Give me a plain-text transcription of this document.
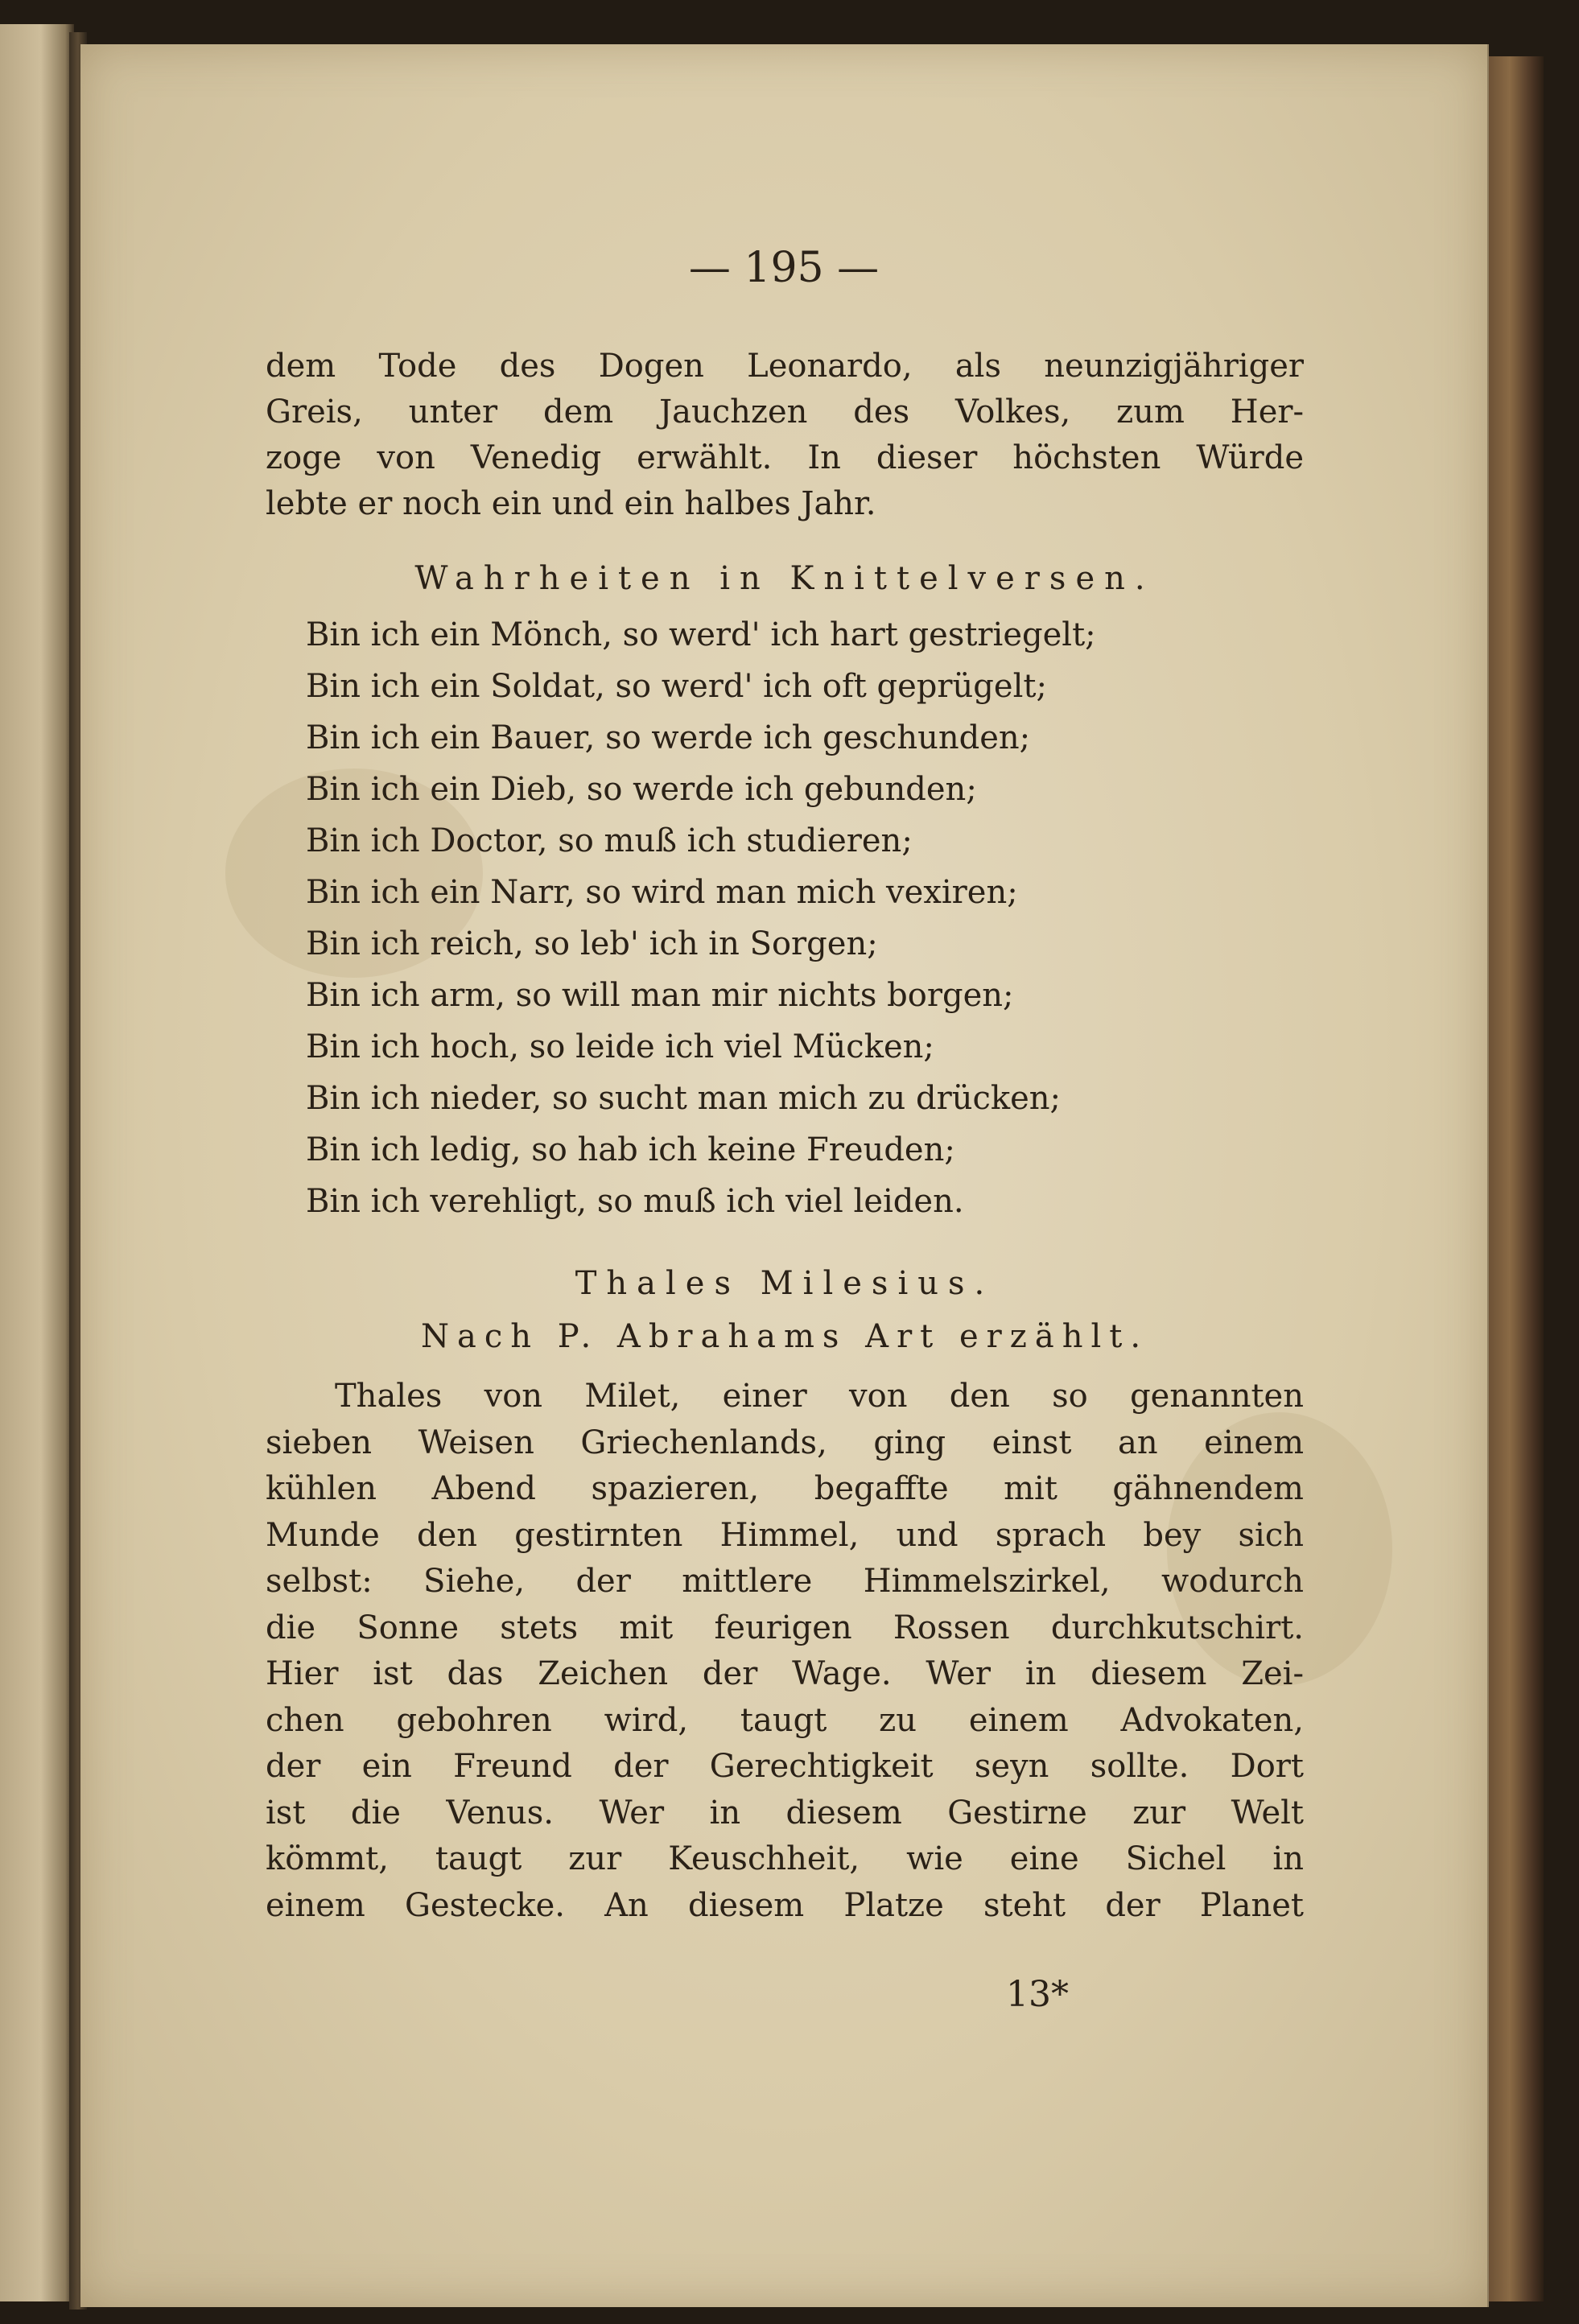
— 195 —

dem Tode des Dogen Leonardo, als neunzigjähriger

Greis, unter dem Jauchzen des Volkes, zum Her-

zoge von Venedig erwählt. In dieser höchsten Würde

lebte er noch ein und ein halbes Jahr.

Wahrheiten in Knittelversen.

Bin ich ein Mönch, so werd' ich hart gestriegelt;
Bin ich ein Soldat, so werd' ich oft geprügelt;
Bin ich ein Bauer, so werde ich geschunden;
Bin ich ein Dieb, so werde ich gebunden;
Bin ich Doctor, so muß ich studieren;
Bin ich ein Narr, so wird man mich vexiren;
Bin ich reich, so leb' ich in Sorgen;
Bin ich arm, so will man mir nichts borgen;
Bin ich hoch, so leide ich viel Mücken;
Bin ich nieder, so sucht man mich zu drücken;
Bin ich ledig, so hab ich keine Freuden;
Bin ich verehligt, so muß ich viel leiden.

Thales Milesius.

Nach P. Abrahams Art erzählt.

Thales von Milet, einer von den so genannten

sieben Weisen Griechenlands, ging einst an einem

kühlen Abend spazieren, begaffte mit gähnendem

Munde den gestirnten Himmel, und sprach bey sich

selbst: Siehe, der mittlere Himmelszirkel, wodurch

die Sonne stets mit feurigen Rossen durchkutschirt.

Hier ist das Zeichen der Wage. Wer in diesem Zei-

chen gebohren wird, taugt zu einem Advokaten,

der ein Freund der Gerechtigkeit seyn sollte. Dort

ist die Venus. Wer in diesem Gestirne zur Welt

kömmt, taugt zur Keuschheit, wie eine Sichel in

einem Gestecke. An diesem Platze steht der Planet

13*
